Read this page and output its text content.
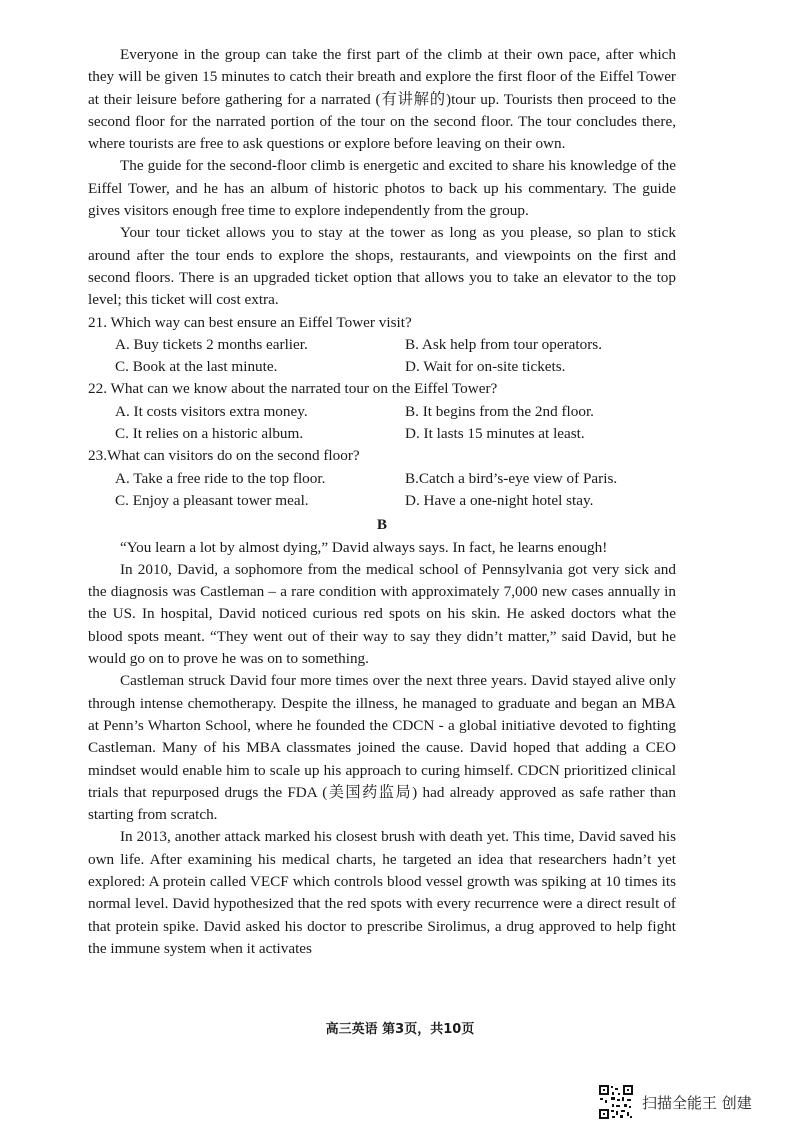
Everyone in the group can take the first part of the climb at their own pace, after which they will be given 15 minutes to catch their breath and explore the first floor of the Eiffel Tower at their leisure before gathering for a narrated (有讲解的)tour up. Tourists then proceed to the second floor for the narrated portion of the tour on the second floor. The tour concludes there, where tourists are free to ask questions or explore before leaving on their own.

The guide for the second-floor climb is energetic and excited to share his knowledge of the Eiffel Tower, and he has an album of historic photos to back up his commentary. The guide gives visitors enough free time to explore independently from the group.

Your tour ticket allows you to stay at the tower as long as you please, so plan to stick around after the tour ends to explore the shops, restaurants, and viewpoints on the first and second floors. There is an upgraded ticket option that allows you to take an elevator to the top level; this ticket will cost extra.

21. Which way can best ensure an Eiffel Tower visit?

A. Buy tickets 2 months earlier.	B. Ask help from tour operators.

C. Book at the last minute.	D. Wait for on-site tickets.

22. What can we know about the narrated tour on the Eiffel Tower?

A. It costs visitors extra money.	B. It begins from the 2nd floor.

C. It relies on a historic album.	D. It lasts 15 minutes at least.

23.What can visitors do on the second floor?

A. Take a free ride to the top floor.	B.Catch a bird’s-eye view of Paris.

C. Enjoy a pleasant tower meal.	D. Have a one-night hotel stay.

B

“You learn a lot by almost dying,” David always says. In fact, he learns enough!

In 2010, David, a sophomore from the medical school of Pennsylvania got very sick and the diagnosis was Castleman – a rare condition with approximately 7,000 new cases annually in the US. In hospital, David noticed curious red spots on his skin. He asked doctors what the blood spots meant. “They went out of their way to say they didn’t matter,” said David, but he would go on to prove he was on to something.

Castleman struck David four more times over the next three years. David stayed alive only through intense chemotherapy. Despite the illness, he managed to graduate and began an MBA at Penn’s Wharton School, where he founded the CDCN - a global initiative devoted to fighting Castleman. Many of his MBA classmates joined the cause. David hoped that adding a CEO mindset would enable him to scale up his approach to curing himself. CDCN prioritized clinical trials that repurposed drugs the FDA (美国药监局) had already approved as safe rather than starting from scratch.

In 2013, another attack marked his closest brush with death yet. This time, David saved his own life. After examining his medical charts, he targeted an idea that researchers hadn’t yet explored: A protein called VECF which controls blood vessel growth was spiking at 10 times its normal level. David hypothesized that the red spots with every recurrence were a direct result of that protein spike. David asked his doctor to prescribe Sirolimus, a drug approved to help fight the immune system when it activates

高三英语 第3页，共10页
扫描全能王 创建
